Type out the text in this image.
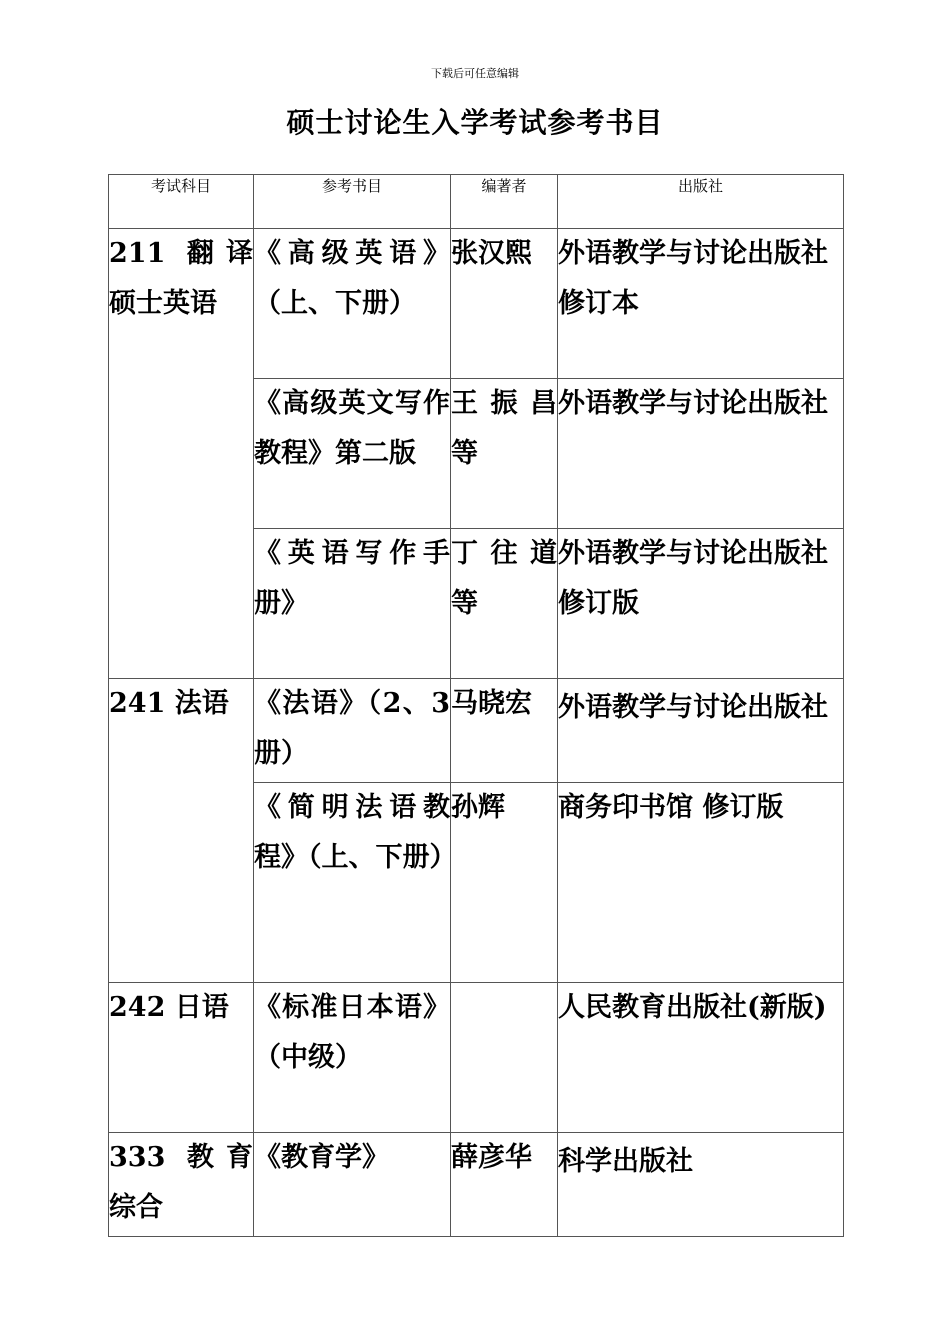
下载后可任意编辑
硕士讨论生入学考试参考书目
考试科目	参考书目	编著者	出版社
211 翻译硕士英语	《高级英语》（上、下册）	张汉熙	外语教学与讨论出版社 修订本
	《高级英文写作教程》第二版	王振昌等	外语教学与讨论出版社
	《英语写作手册》	丁往道等	外语教学与讨论出版社 修订版
241 法语	《法语》（2、3 册）	马晓宏	外语教学与讨论出版社
	《简明法语教程》（上、下册）	孙辉	商务印书馆 修订版
242 日语	《标准日本语》（中级）		人民教育出版社(新版)
333 教育综合	《教育学》	薛彦华	科学出版社
